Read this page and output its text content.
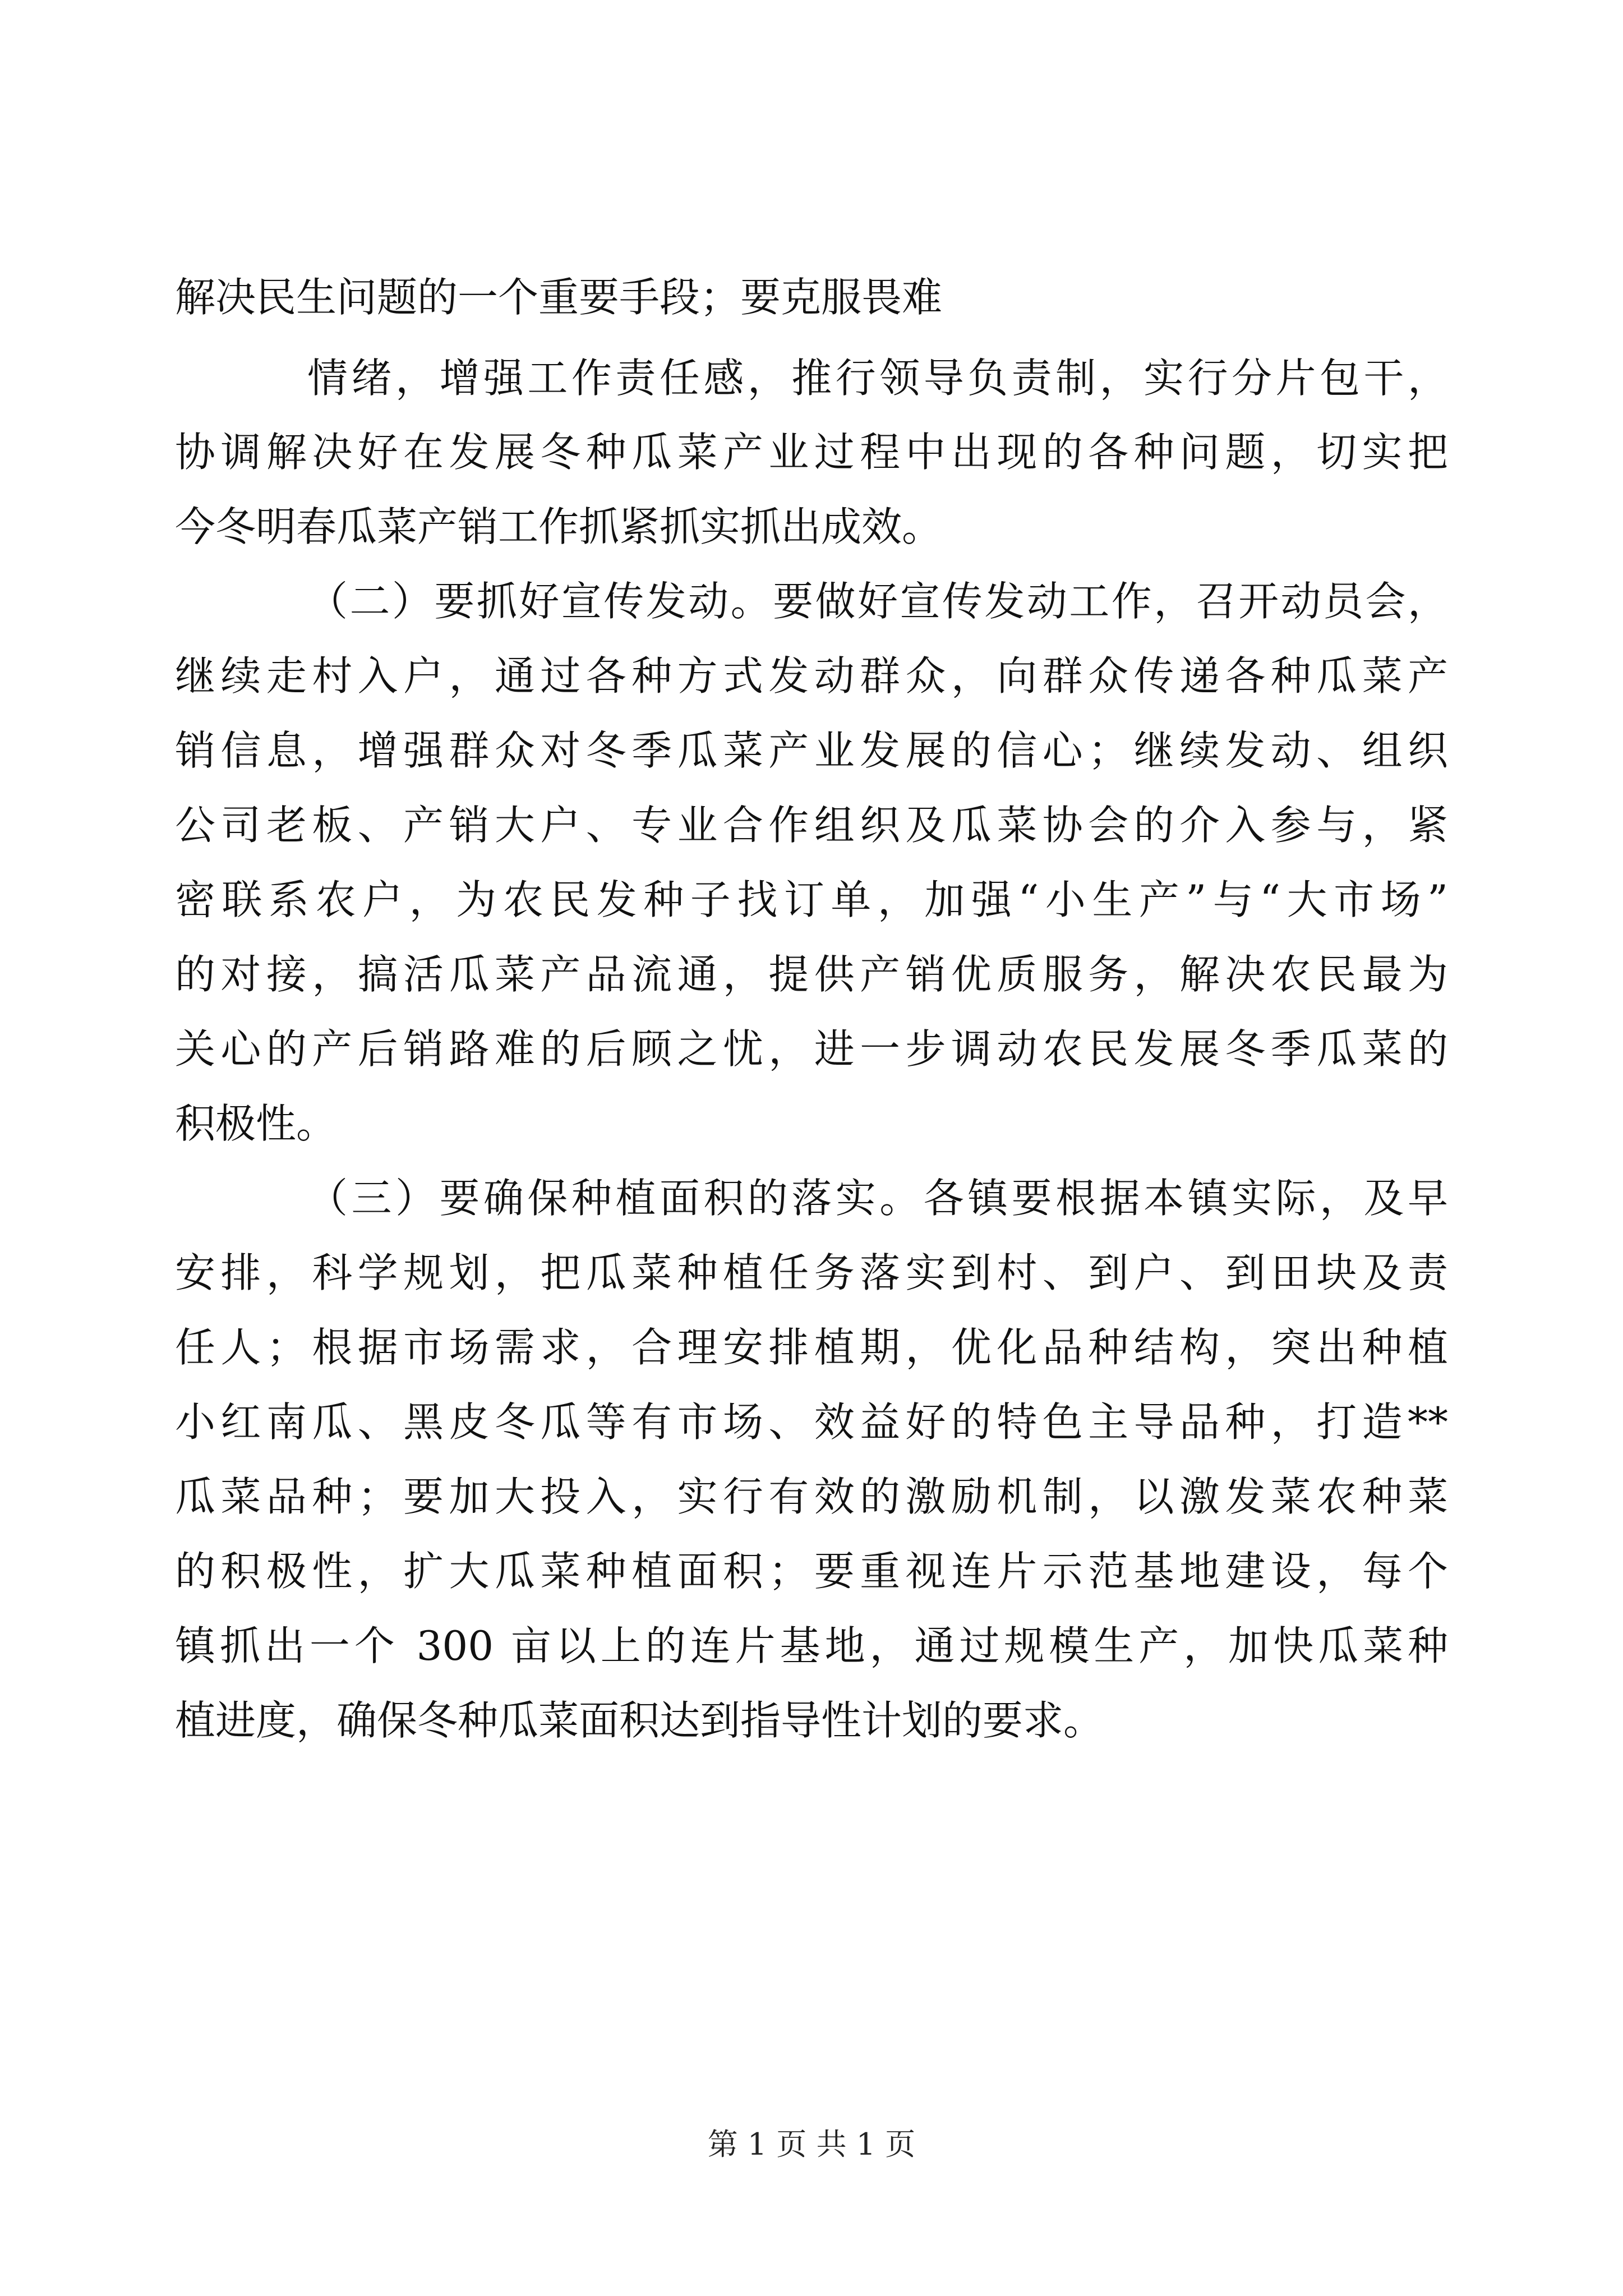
解决民生问题的一个重要手段；要克服畏难
情绪，增强工作责任感，推行领导负责制，实行分片包干，
协调解决好在发展冬种瓜菜产业过程中出现的各种问题，切实把
今冬明春瓜菜产销工作抓紧抓实抓出成效。
（二）要抓好宣传发动。要做好宣传发动工作，召开动员会，
继续走村入户，通过各种方式发动群众，向群众传递各种瓜菜产
销信息，增强群众对冬季瓜菜产业发展的信心；继续发动、组织
公司老板、产销大户、专业合作组织及瓜菜协会的介入参与，紧
密联系农户，为农民发种子找订单，加强“小生产”与“大市场”
的对接，搞活瓜菜产品流通，提供产销优质服务，解决农民最为
关心的产后销路难的后顾之忧，进一步调动农民发展冬季瓜菜的
积极性。
（三）要确保种植面积的落实。各镇要根据本镇实际，及早
安排，科学规划，把瓜菜种植任务落实到村、到户、到田块及责
任人；根据市场需求，合理安排植期，优化品种结构，突出种植
小红南瓜、黑皮冬瓜等有市场、效益好的特色主导品种，打造**
瓜菜品种；要加大投入，实行有效的激励机制，以激发菜农种菜
的积极性，扩大瓜菜种植面积；要重视连片示范基地建设，每个
镇抓出一个 300 亩以上的连片基地，通过规模生产，加快瓜菜种
植进度，确保冬种瓜菜面积达到指导性计划的要求。
第 1 页 共 1 页
